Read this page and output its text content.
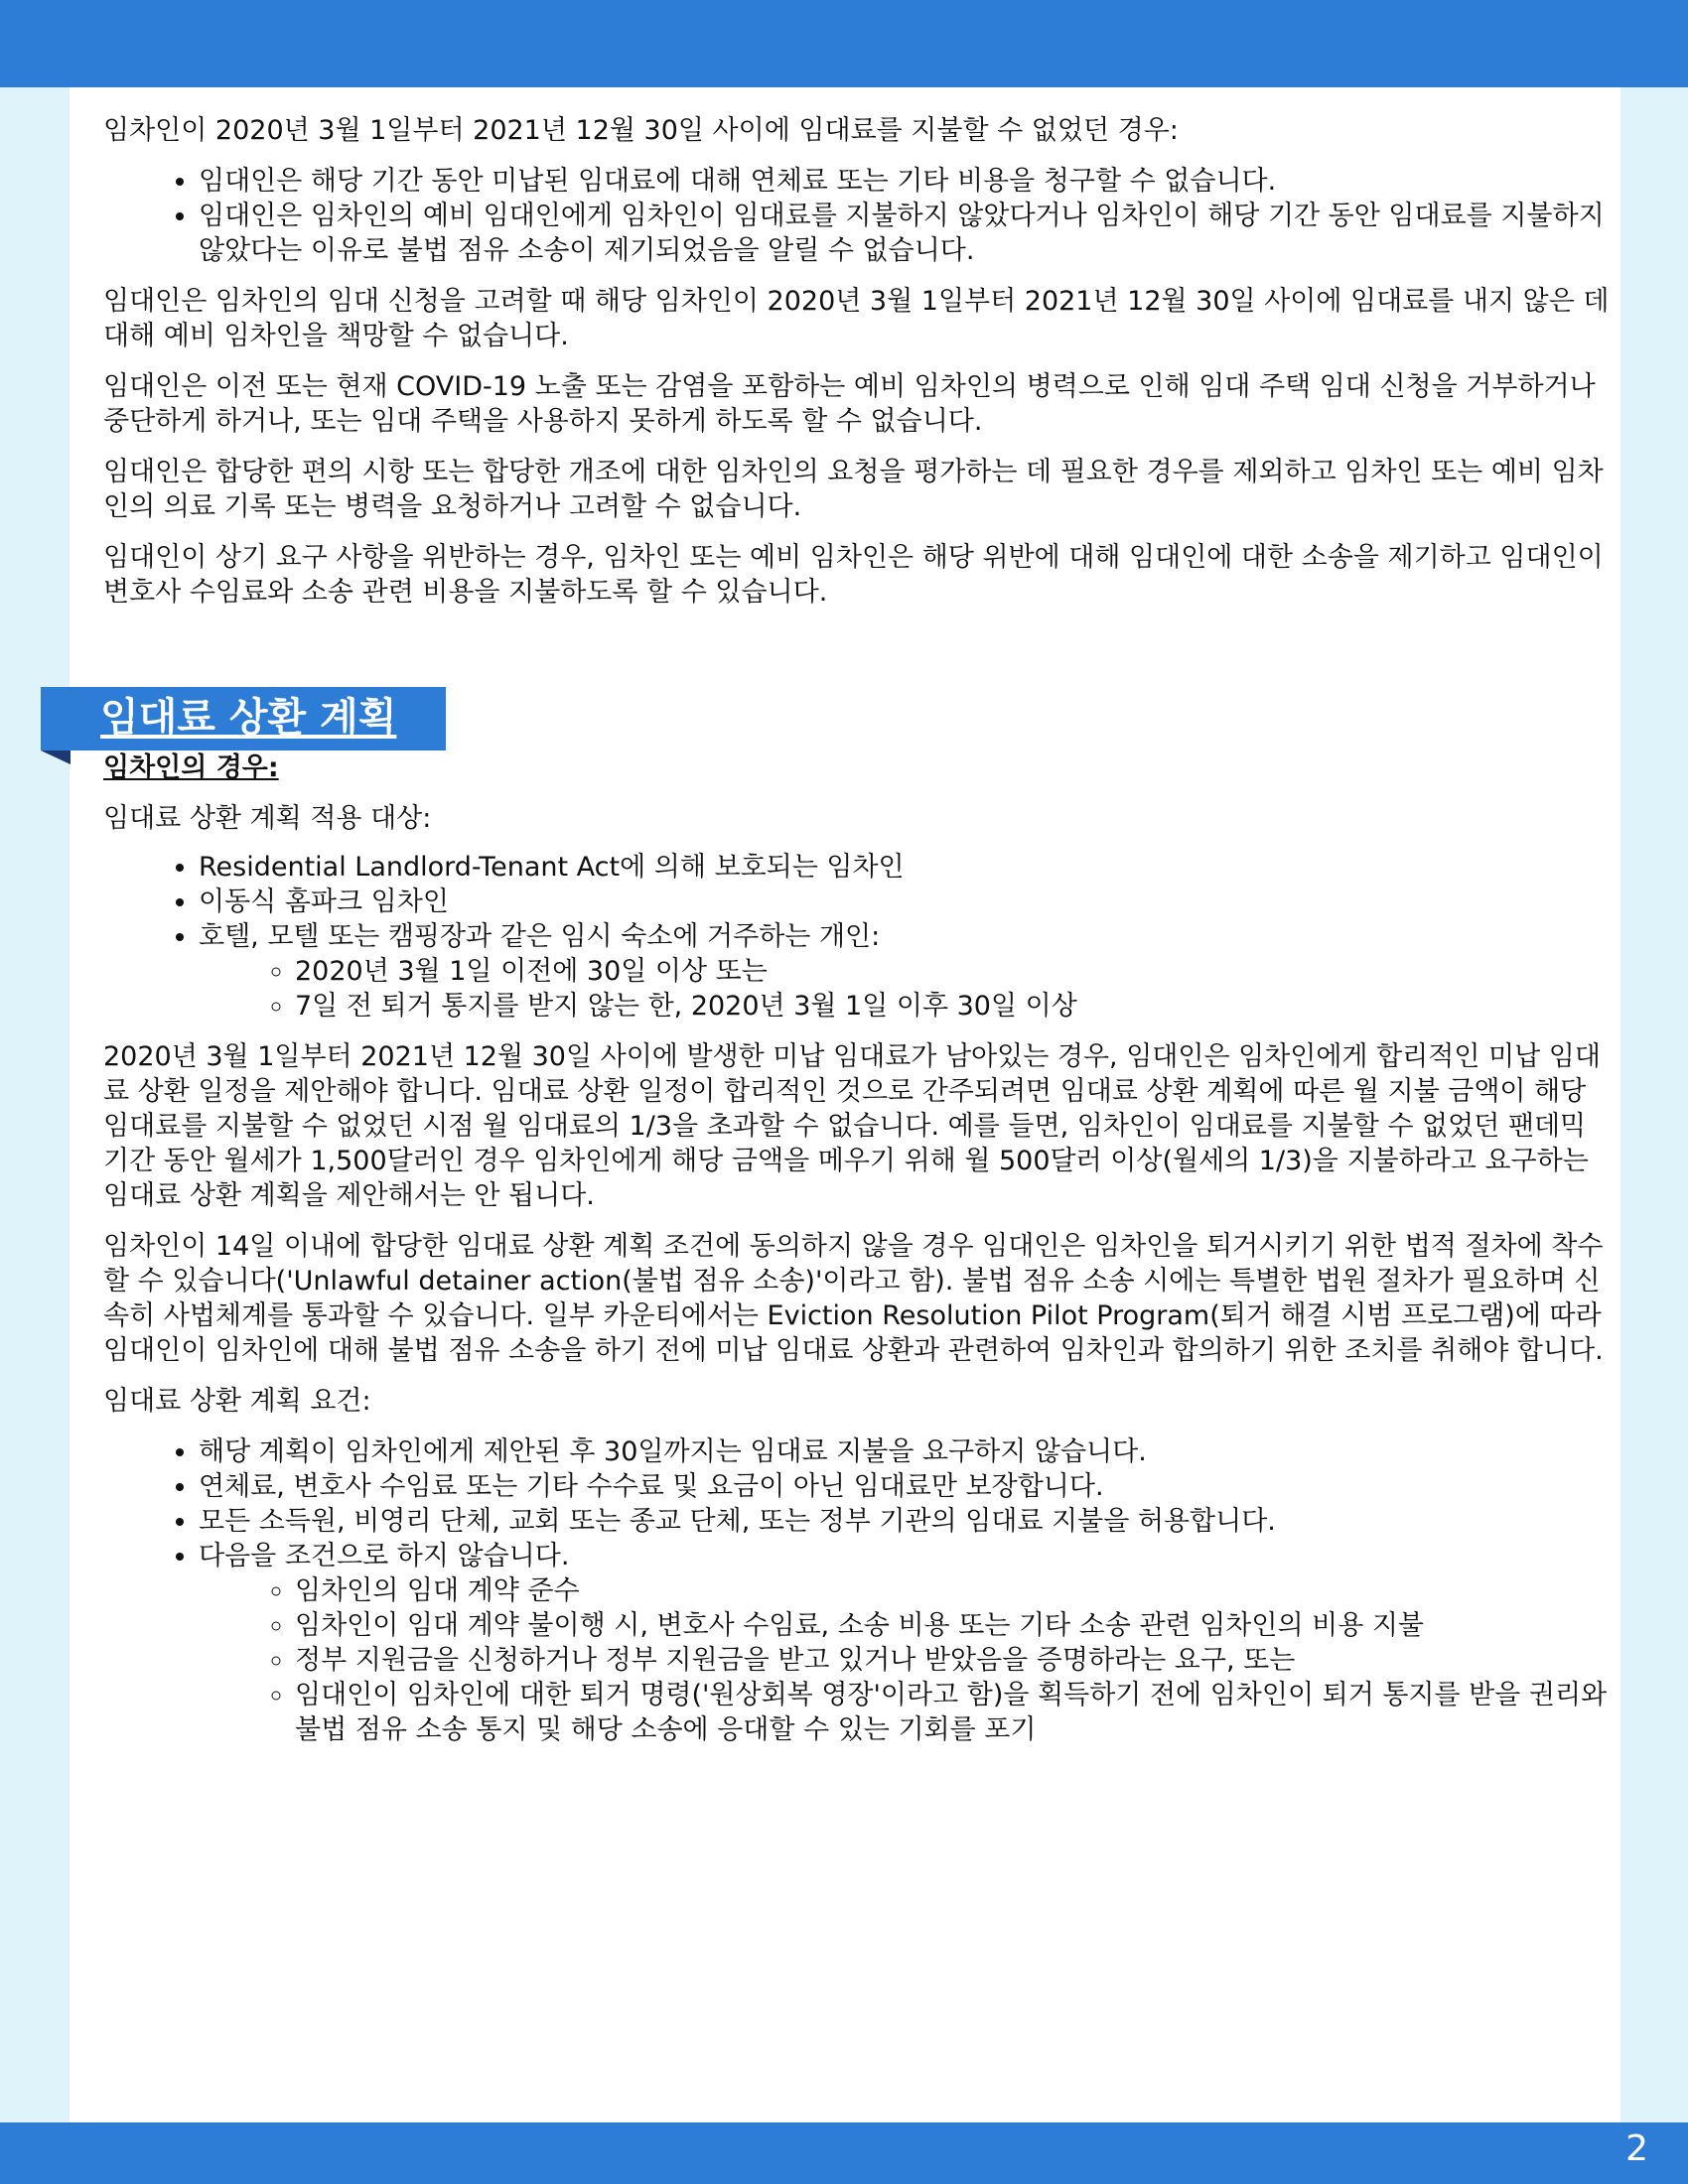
임차인이 2020년 3월 1일부터 2021년 12월 30일 사이에 임대료를 지불할 수 없었던 경우:

• 임대인은 해당 기간 동안 미납된 임대료에 대해 연체료 또는 기타 비용을 청구할 수 없습니다.
• 임대인은 임차인의 예비 임대인에게 임차인이 임대료를 지불하지 않았다거나 임차인이 해당 기간 동안 임대료를 지불하지 않았다는 이유로 불법 점유 소송이 제기되었음을 알릴 수 없습니다.

임대인은 임차인의 임대 신청을 고려할 때 해당 임차인이 2020년 3월 1일부터 2021년 12월 30일 사이에 임대료를 내지 않은 데 대해 예비 임차인을 책망할 수 없습니다.

임대인은 이전 또는 현재 COVID-19 노출 또는 감염을 포함하는 예비 임차인의 병력으로 인해 임대 주택 임대 신청을 거부하거나 중단하게 하거나, 또는 임대 주택을 사용하지 못하게 하도록 할 수 없습니다.

임대인은 합당한 편의 시항 또는 합당한 개조에 대한 임차인의 요청을 평가하는 데 필요한 경우를 제외하고 임차인 또는 예비 임차인의 의료 기록 또는 병력을 요청하거나 고려할 수 없습니다.

임대인이 상기 요구 사항을 위반하는 경우, 임차인 또는 예비 임차인은 해당 위반에 대해 임대인에 대한 소송을 제기하고 임대인이 변호사 수임료와 소송 관련 비용을 지불하도록 할 수 있습니다.

임대료 상환 계획

임차인의 경우:

임대료 상환 계획 적용 대상:

• Residential Landlord-Tenant Act에 의해 보호되는 임차인
• 이동식 홈파크 임차인
• 호텔, 모텔 또는 캠핑장과 같은 임시 숙소에 거주하는 개인:
◦ 2020년 3월 1일 이전에 30일 이상 또는
◦ 7일 전 퇴거 통지를 받지 않는 한, 2020년 3월 1일 이후 30일 이상

2020년 3월 1일부터 2021년 12월 30일 사이에 발생한 미납 임대료가 남아있는 경우, 임대인은 임차인에게 합리적인 미납 임대료 상환 일정을 제안해야 합니다. 임대료 상환 일정이 합리적인 것으로 간주되려면 임대료 상환 계획에 따른 월 지불 금액이 해당 임대료를 지불할 수 없었던 시점 월 임대료의 1/3을 초과할 수 없습니다. 예를 들면, 임차인이 임대료를 지불할 수 없었던 팬데믹 기간 동안 월세가 1,500달러인 경우 임차인에게 해당 금액을 메우기 위해 월 500달러 이상(월세의 1/3)을 지불하라고 요구하는 임대료 상환 계획을 제안해서는 안 됩니다.

임차인이 14일 이내에 합당한 임대료 상환 계획 조건에 동의하지 않을 경우 임대인은 임차인을 퇴거시키기 위한 법적 절차에 착수할 수 있습니다('Unlawful detainer action(불법 점유 소송)'이라고 함). 불법 점유 소송 시에는 특별한 법원 절차가 필요하며 신속히 사법체계를 통과할 수 있습니다. 일부 카운티에서는 Eviction Resolution Pilot Program(퇴거 해결 시범 프로그램)에 따라 임대인이 임차인에 대해 불법 점유 소송을 하기 전에 미납 임대료 상환과 관련하여 임차인과 합의하기 위한 조치를 취해야 합니다.

임대료 상환 계획 요건:

• 해당 계획이 임차인에게 제안된 후 30일까지는 임대료 지불을 요구하지 않습니다.
• 연체료, 변호사 수임료 또는 기타 수수료 및 요금이 아닌 임대료만 보장합니다.
• 모든 소득원, 비영리 단체, 교회 또는 종교 단체, 또는 정부 기관의 임대료 지불을 허용합니다.
• 다음을 조건으로 하지 않습니다.
◦ 임차인의 임대 계약 준수
◦ 임차인이 임대 계약 불이행 시, 변호사 수임료, 소송 비용 또는 기타 소송 관련 임차인의 비용 지불
◦ 정부 지원금을 신청하거나 정부 지원금을 받고 있거나 받았음을 증명하라는 요구, 또는
◦ 임대인이 임차인에 대한 퇴거 명령('원상회복 영장'이라고 함)을 획득하기 전에 임차인이 퇴거 통지를 받을 권리와 불법 점유 소송 통지 및 해당 소송에 응대할 수 있는 기회를 포기
2
